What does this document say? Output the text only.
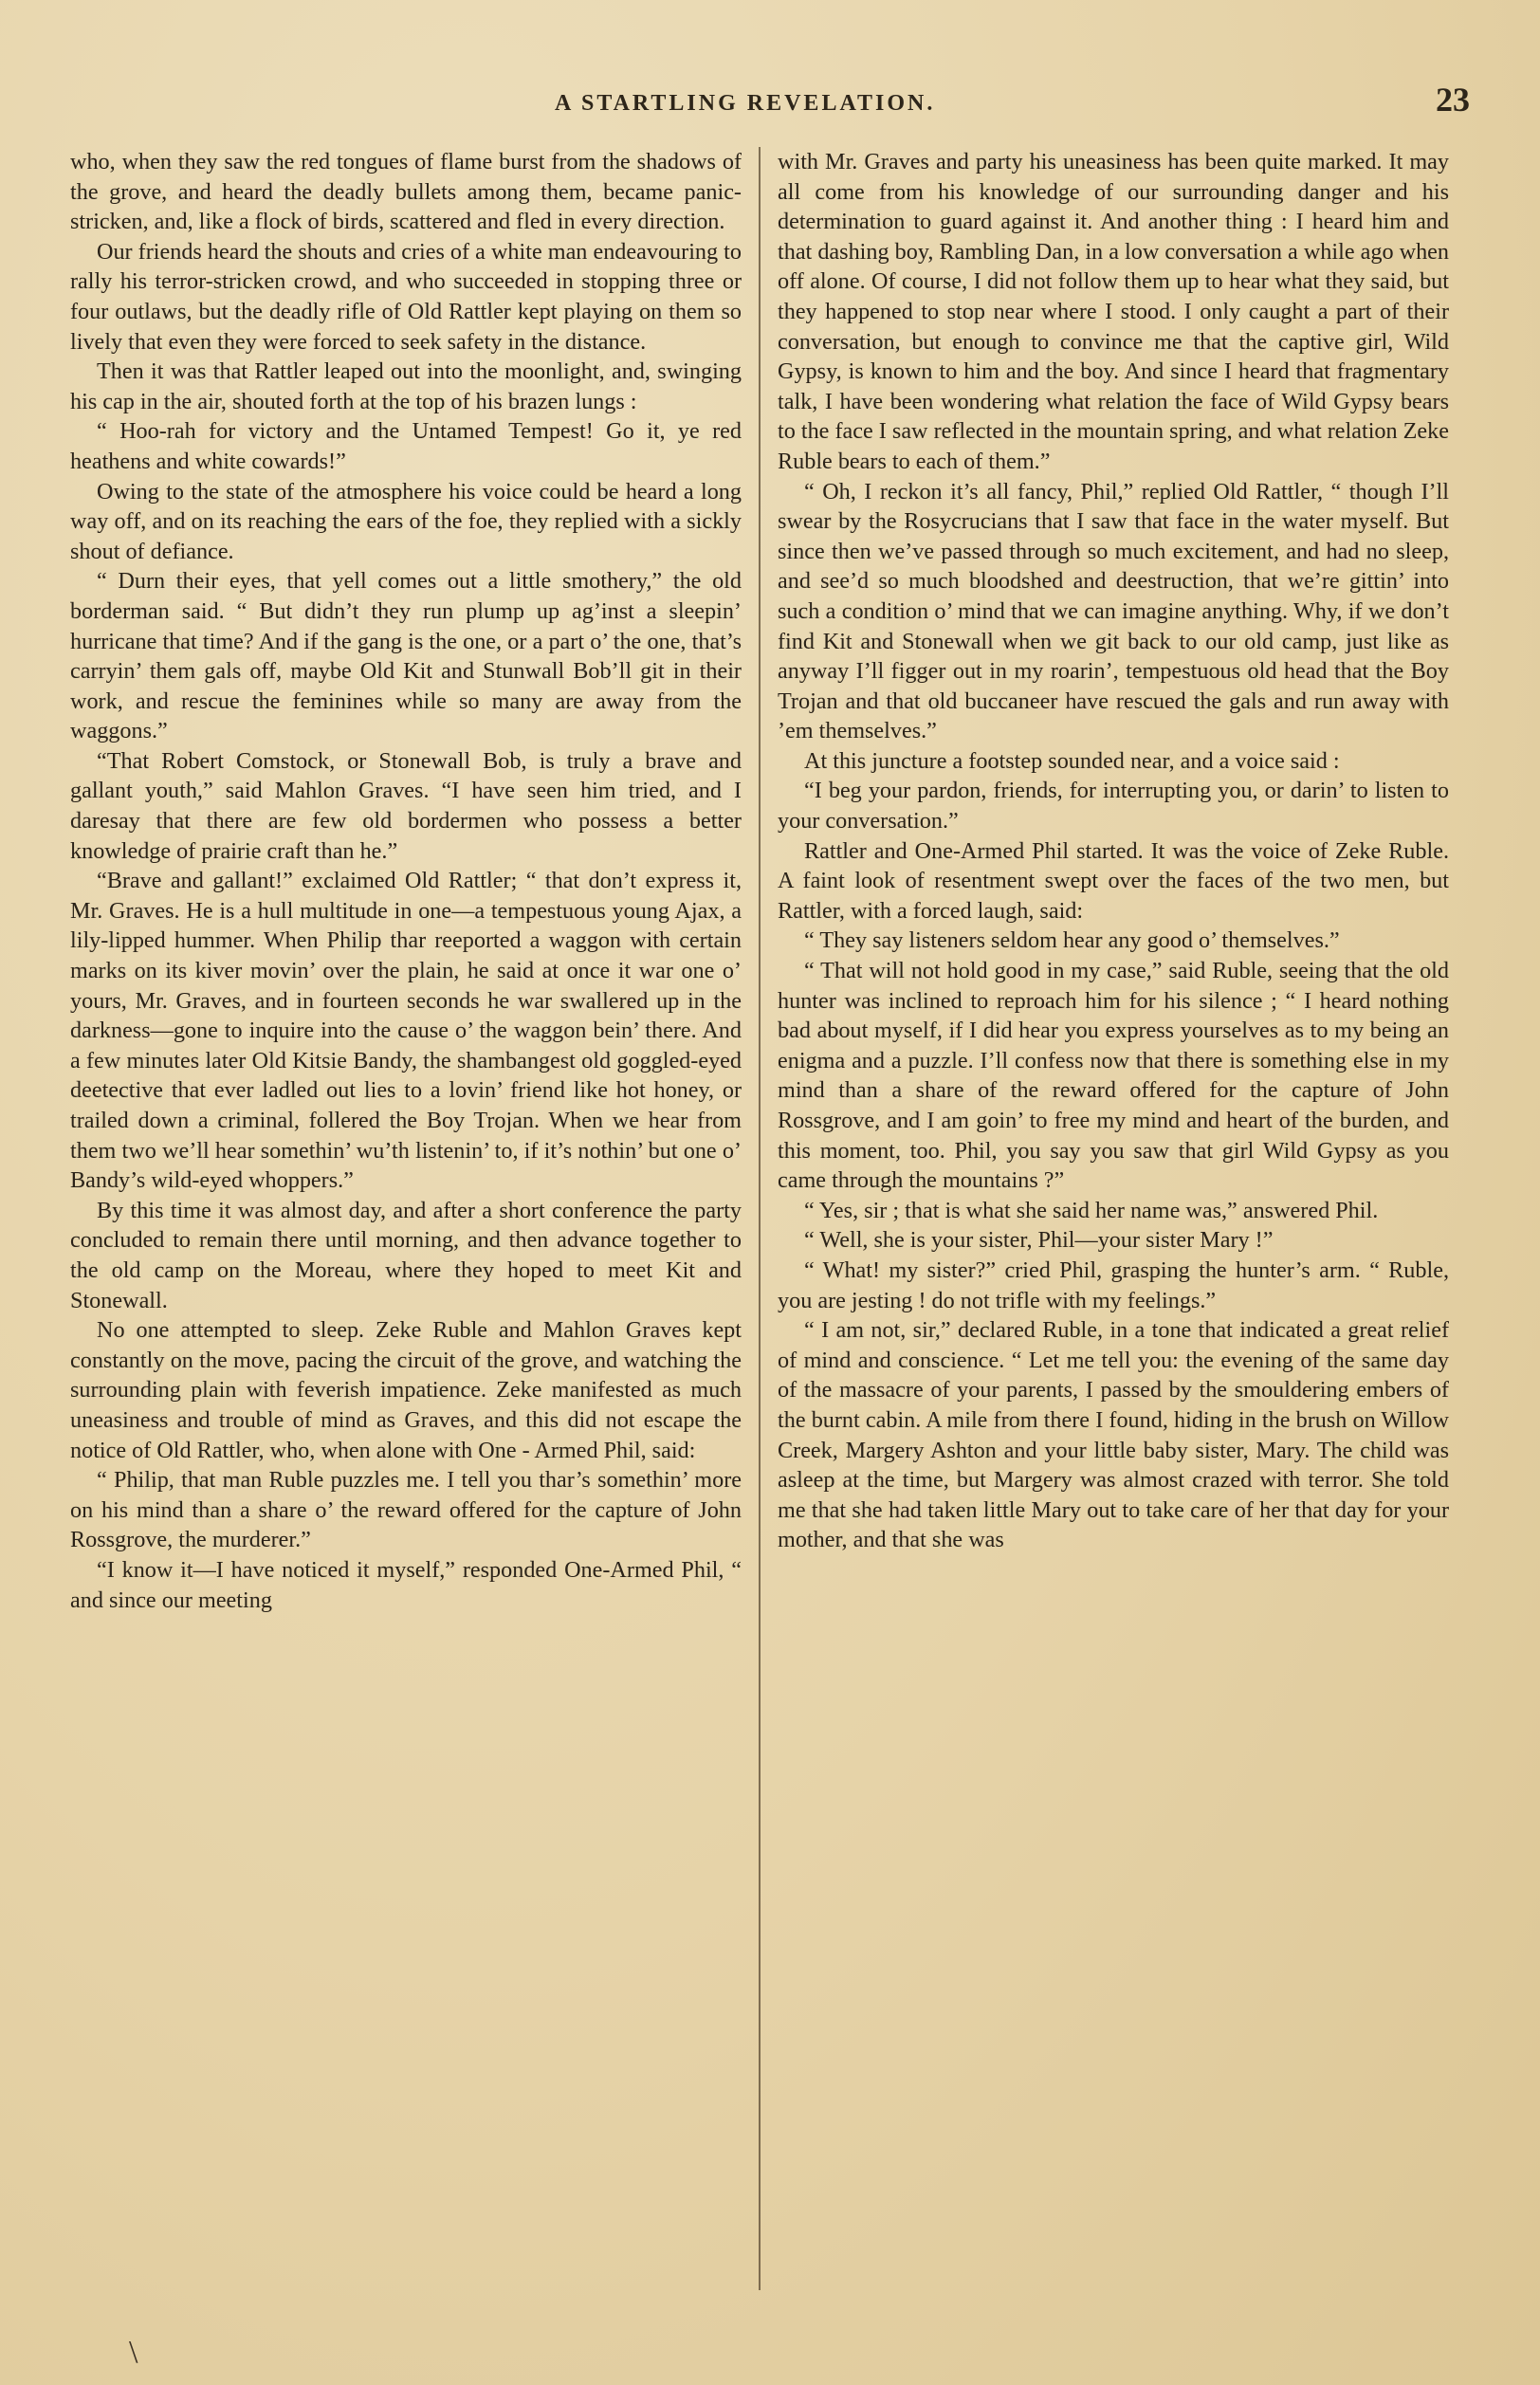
A STARTLING REVELATION.	23

who, when they saw the red tongues of flame burst from the shadows of the grove, and heard the deadly bullets among them, became panic-stricken, and, like a flock of birds, scattered and fled in every direction.

Our friends heard the shouts and cries of a white man endeavouring to rally his terror-stricken crowd, and who succeeded in stopping three or four outlaws, but the deadly rifle of Old Rattler kept playing on them so lively that even they were forced to seek safety in the distance.

Then it was that Rattler leaped out into the moonlight, and, swinging his cap in the air, shouted forth at the top of his brazen lungs :

“ Hoo-rah for victory and the Untamed Tempest! Go it, ye red heathens and white cowards!”

Owing to the state of the atmosphere his voice could be heard a long way off, and on its reaching the ears of the foe, they replied with a sickly shout of defiance.

“ Durn their eyes, that yell comes out a little smothery,” the old borderman said. “ But didn’t they run plump up ag’inst a sleepin’ hurricane that time? And if the gang is the one, or a part o’ the one, that’s carryin’ them gals off, maybe Old Kit and Stunwall Bob’ll git in their work, and rescue the feminines while so many are away from the waggons.”

“That Robert Comstock, or Stonewall Bob, is truly a brave and gallant youth,” said Mahlon Graves. “I have seen him tried, and I daresay that there are few old bordermen who possess a better knowledge of prairie craft than he.”

“Brave and gallant!” exclaimed Old Rattler; “ that don’t express it, Mr. Graves. He is a hull multitude in one—a tempestuous young Ajax, a lily-lipped hummer. When Philip thar reeported a waggon with certain marks on its kiver movin’ over the plain, he said at once it war one o’ yours, Mr. Graves, and in fourteen seconds he war swallered up in the darkness—gone to inquire into the cause o’ the waggon bein’ there. And a few minutes later Old Kitsie Bandy, the shambangest old goggled-eyed deetective that ever ladled out lies to a lovin’ friend like hot honey, or trailed down a criminal, follered the Boy Trojan. When we hear from them two we’ll hear somethin’ wu’th listenin’ to, if it’s nothin’ but one o’ Bandy’s wild-eyed whoppers.”

By this time it was almost day, and after a short conference the party concluded to remain there until morning, and then advance together to the old camp on the Moreau, where they hoped to meet Kit and Stonewall.

No one attempted to sleep. Zeke Ruble and Mahlon Graves kept constantly on the move, pacing the circuit of the grove, and watching the surrounding plain with feverish impatience. Zeke manifested as much uneasiness and trouble of mind as Graves, and this did not escape the notice of Old Rattler, who, when alone with One - Armed Phil, said:

“ Philip, that man Ruble puzzles me. I tell you thar’s somethin’ more on his mind than a share o’ the reward offered for the capture of John Rossgrove, the murderer.”

“I know it—I have noticed it myself,” responded One-Armed Phil, “ and since our meeting

with Mr. Graves and party his uneasiness has been quite marked. It may all come from his knowledge of our surrounding danger and his determination to guard against it. And another thing : I heard him and that dashing boy, Rambling Dan, in a low conversation a while ago when off alone. Of course, I did not follow them up to hear what they said, but they happened to stop near where I stood. I only caught a part of their conversation, but enough to convince me that the captive girl, Wild Gypsy, is known to him and the boy. And since I heard that fragmentary talk, I have been wondering what relation the face of Wild Gypsy bears to the face I saw reflected in the mountain spring, and what relation Zeke Ruble bears to each of them.”

“ Oh, I reckon it’s all fancy, Phil,” replied Old Rattler, “ though I’ll swear by the Rosycrucians that I saw that face in the water myself. But since then we’ve passed through so much excitement, and had no sleep, and see’d so much bloodshed and deestruction, that we’re gittin’ into such a condition o’ mind that we can imagine anything. Why, if we don’t find Kit and Stonewall when we git back to our old camp, just like as anyway I’ll figger out in my roarin’, tempestuous old head that the Boy Trojan and that old buccaneer have rescued the gals and run away with ’em themselves.”

At this juncture a footstep sounded near, and a voice said :

“I beg your pardon, friends, for interrupting you, or darin’ to listen to your conversation.”

Rattler and One-Armed Phil started. It was the voice of Zeke Ruble. A faint look of resentment swept over the faces of the two men, but Rattler, with a forced laugh, said:

“ They say listeners seldom hear any good o’ themselves.”

“ That will not hold good in my case,” said Ruble, seeing that the old hunter was inclined to reproach him for his silence ; “ I heard nothing bad about myself, if I did hear you express yourselves as to my being an enigma and a puzzle. I’ll confess now that there is something else in my mind than a share of the reward offered for the capture of John Rossgrove, and I am goin’ to free my mind and heart of the burden, and this moment, too. Phil, you say you saw that girl Wild Gypsy as you came through the mountains ?”

“ Yes, sir ; that is what she said her name was,” answered Phil.

“ Well, she is your sister, Phil—your sister Mary !”

“ What! my sister?” cried Phil, grasping the hunter’s arm. “ Ruble, you are jesting ! do not trifle with my feelings.”

“ I am not, sir,” declared Ruble, in a tone that indicated a great relief of mind and conscience. “ Let me tell you: the evening of the same day of the massacre of your parents, I passed by the smouldering embers of the burnt cabin. A mile from there I found, hiding in the brush on Willow Creek, Margery Ashton and your little baby sister, Mary. The child was asleep at the time, but Margery was almost crazed with terror. She told me that she had taken little Mary out to take care of her that day for your mother, and that she was

\
